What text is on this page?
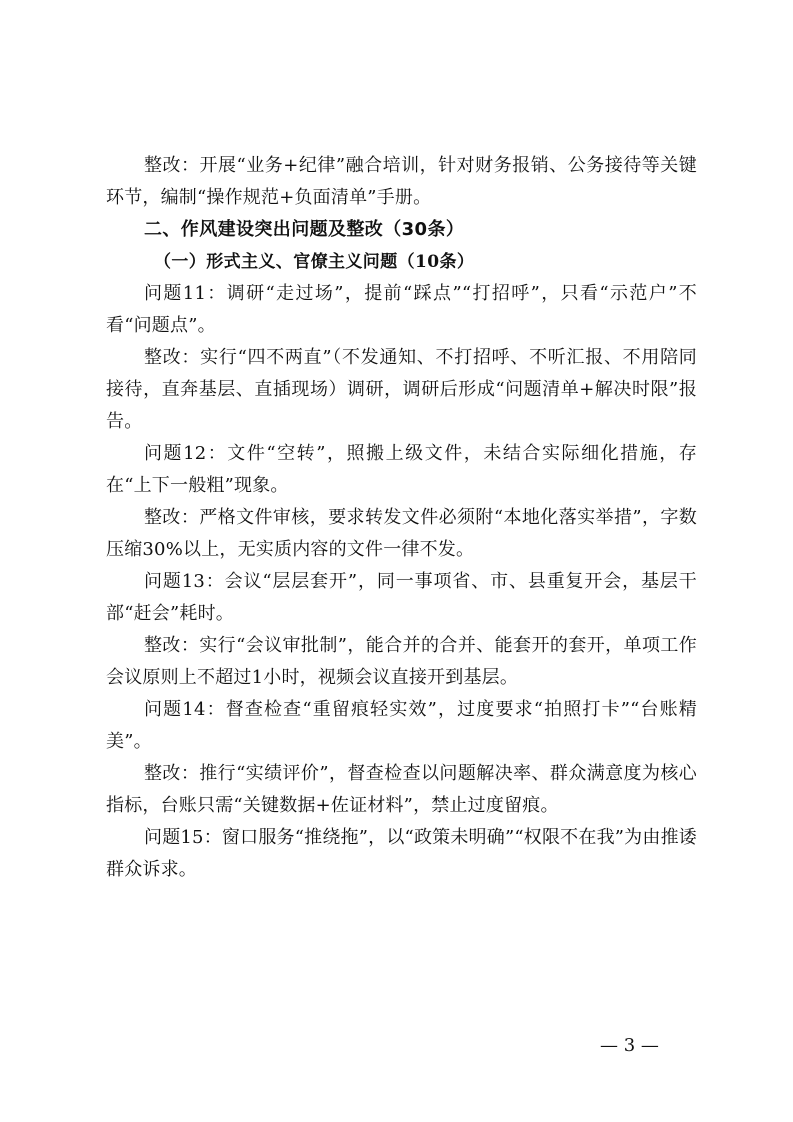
整改：开展“业务+纪律”融合培训，针对财务报销、公务接待等关键环节，编制“操作规范+负面清单”手册。

二、作风建设突出问题及整改（30条）

（一）形式主义、官僚主义问题（10条）

问题11：调研“走过场”，提前“踩点”“打招呼”，只看“示范户”不看“问题点”。

整改：实行“四不两直”（不发通知、不打招呼、不听汇报、不用陪同接待，直奔基层、直插现场）调研，调研后形成“问题清单+解决时限”报告。

问题12：文件“空转”，照搬上级文件，未结合实际细化措施，存在“上下一般粗”现象。

整改：严格文件审核，要求转发文件必须附“本地化落实举措”，字数压缩30%以上，无实质内容的文件一律不发。

问题13：会议“层层套开”，同一事项省、市、县重复开会，基层干部“赶会”耗时。

整改：实行“会议审批制”，能合并的合并、能套开的套开，单项工作会议原则上不超过1小时，视频会议直接开到基层。

问题14：督查检查“重留痕轻实效”，过度要求“拍照打卡”“台账精美”。

整改：推行“实绩评价”，督查检查以问题解决率、群众满意度为核心指标，台账只需“关键数据+佐证材料”，禁止过度留痕。

问题15：窗口服务“推绕拖”，以“政策未明确”“权限不在我”为由推诿群众诉求。

— 3 —
